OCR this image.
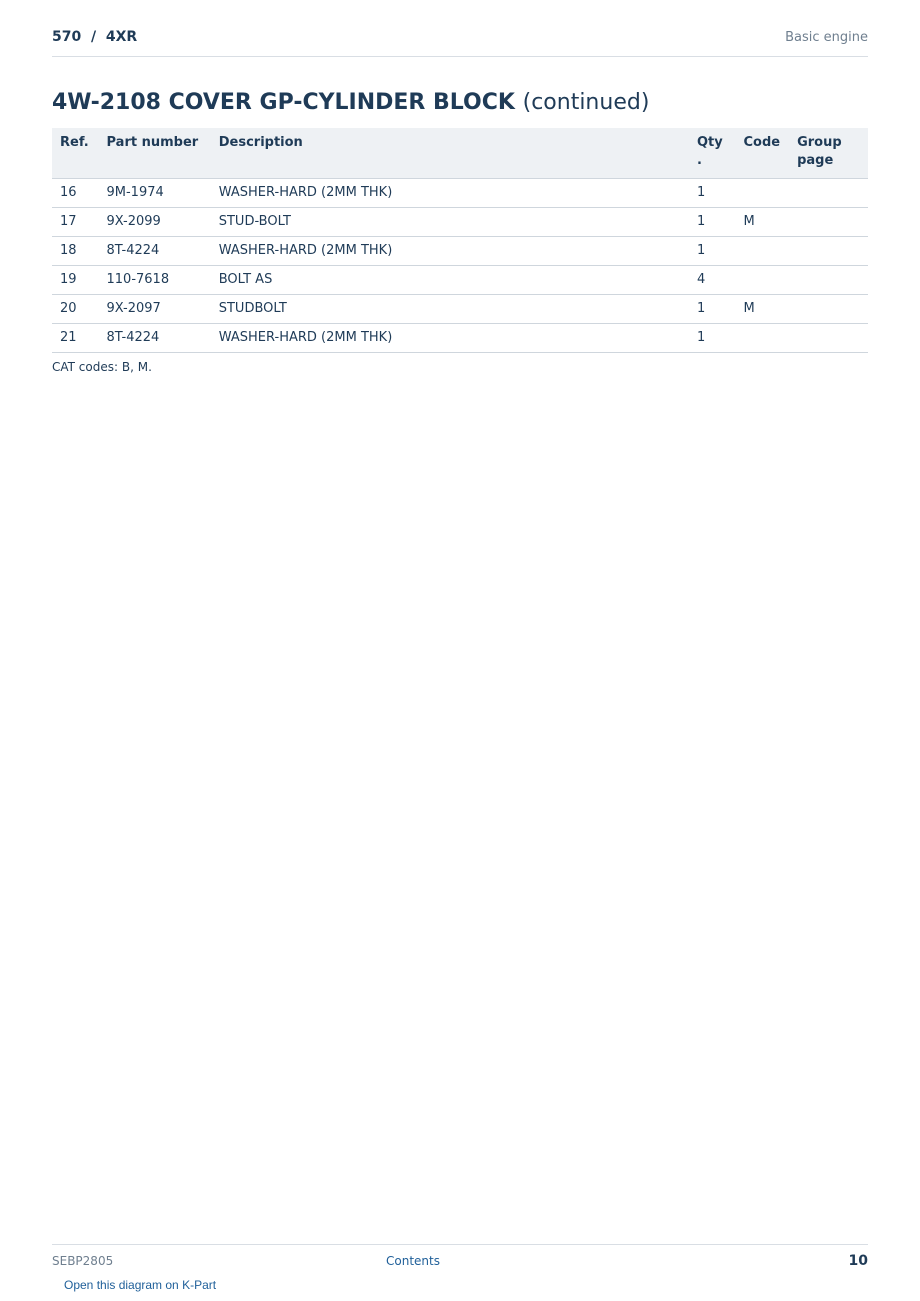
570  /  4XR	Basic engine
4W-2108 COVER GP-CYLINDER BLOCK (continued)
Ref.	Part number	Description	Qty .	Code	Group page
16	9M-1974	WASHER-HARD (2MM THK)	1		
17	9X-2099	STUD-BOLT	1	M	
18	8T-4224	WASHER-HARD (2MM THK)	1		
19	110-7618	BOLT AS	4		
20	9X-2097	STUDBOLT	1	M	
21	8T-4224	WASHER-HARD (2MM THK)	1		
CAT codes: B, M.
SEBP2805	Contents	10
Open this diagram on K-Part
